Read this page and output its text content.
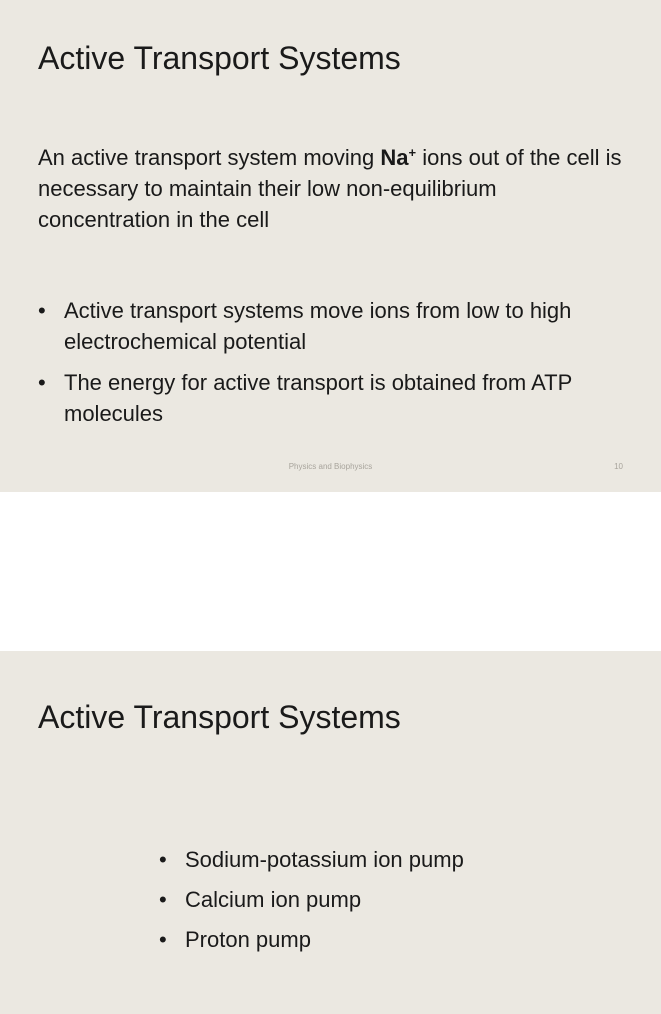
Active Transport Systems

An active transport system moving Na+ ions out of the cell is necessary to maintain their low non-equilibrium concentration in the cell

• Active transport systems move ions from low to high electrochemical potential
• The energy for active transport is obtained from ATP molecules
Physics and Biophysics	10
Active Transport Systems
• Sodium-potassium ion pump
• Calcium ion pump
• Proton pump
